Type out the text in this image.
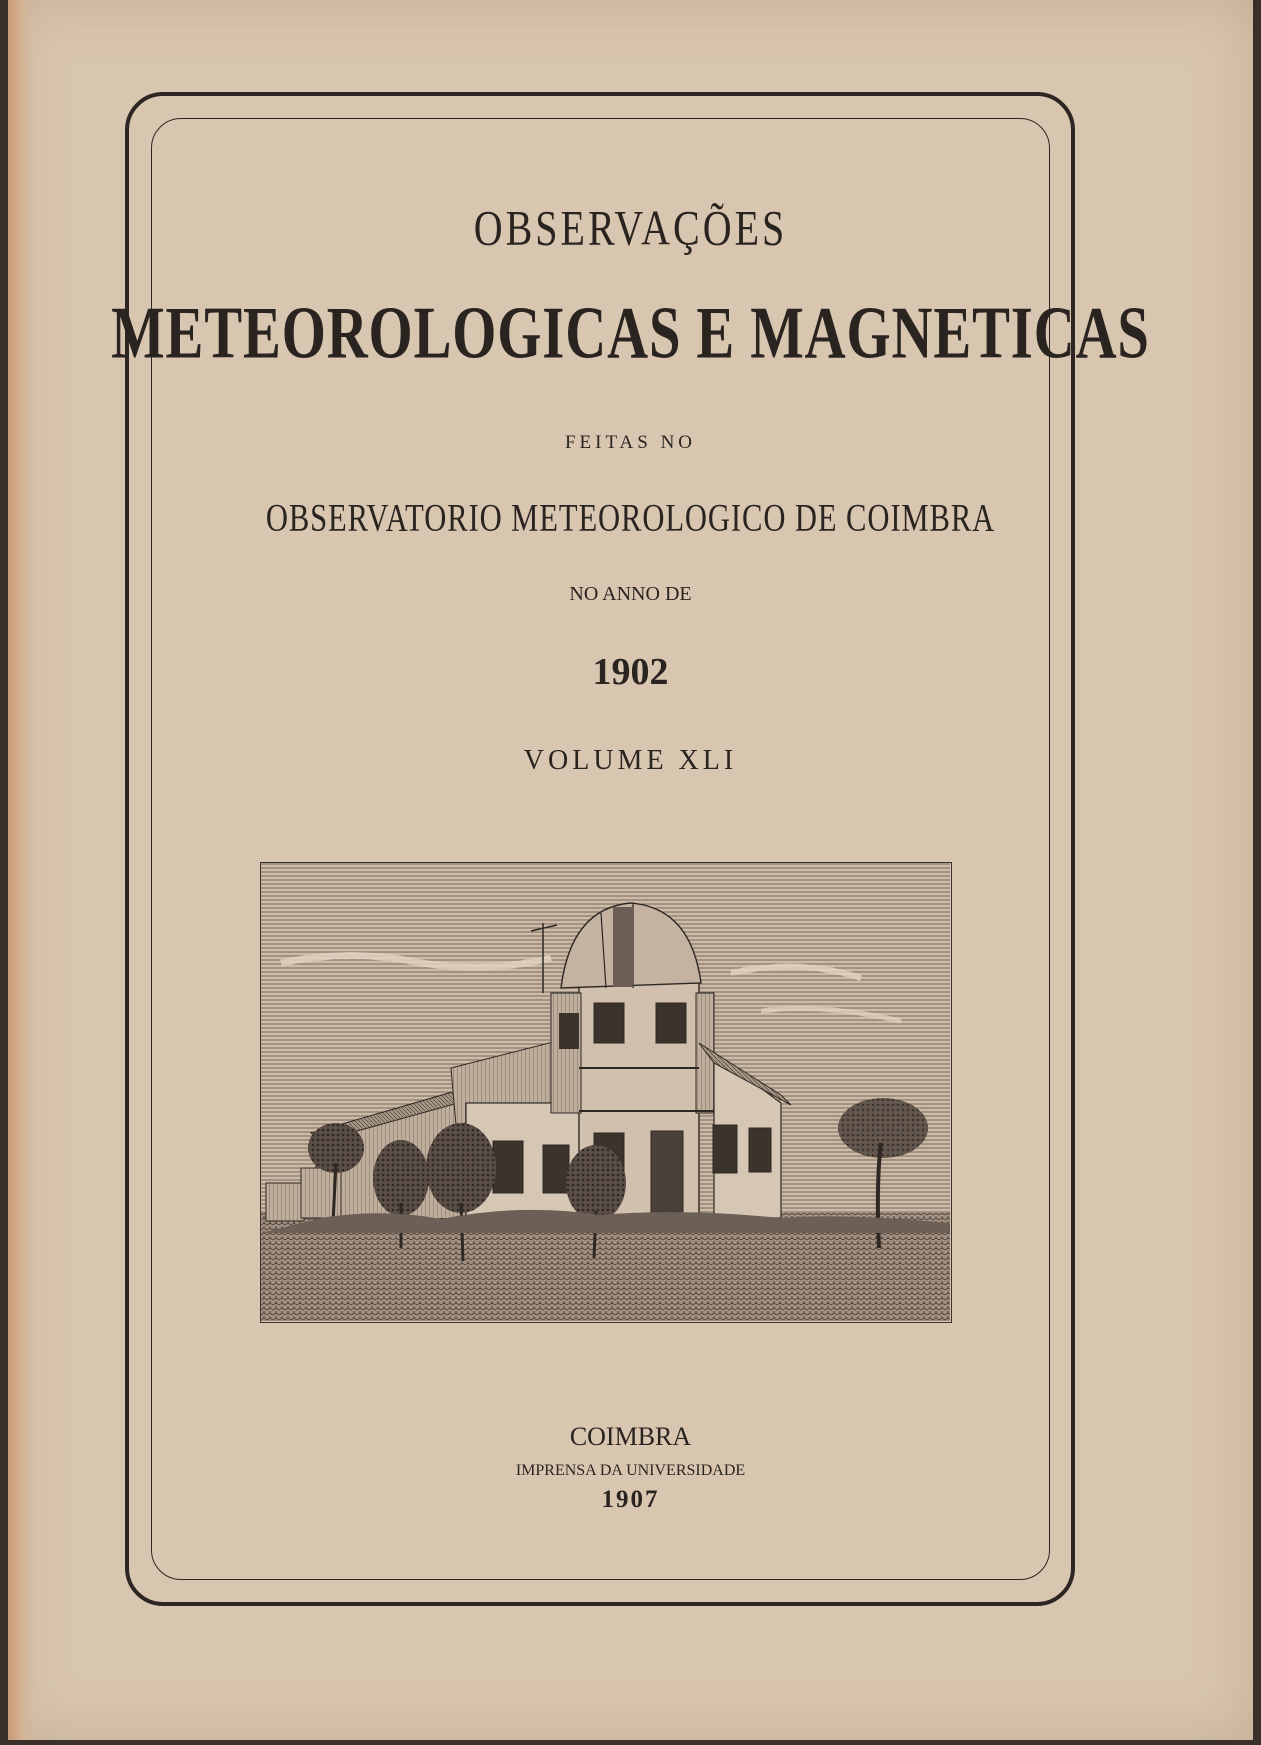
OBSERVAÇÕES
METEOROLOGICAS E MAGNETICAS
FEITAS NO
OBSERVATORIO METEOROLOGICO DE COIMBRA
NO ANNO DE
1902
VOLUME XLI
COIMBRA
IMPRENSA DA UNIVERSIDADE
1907
